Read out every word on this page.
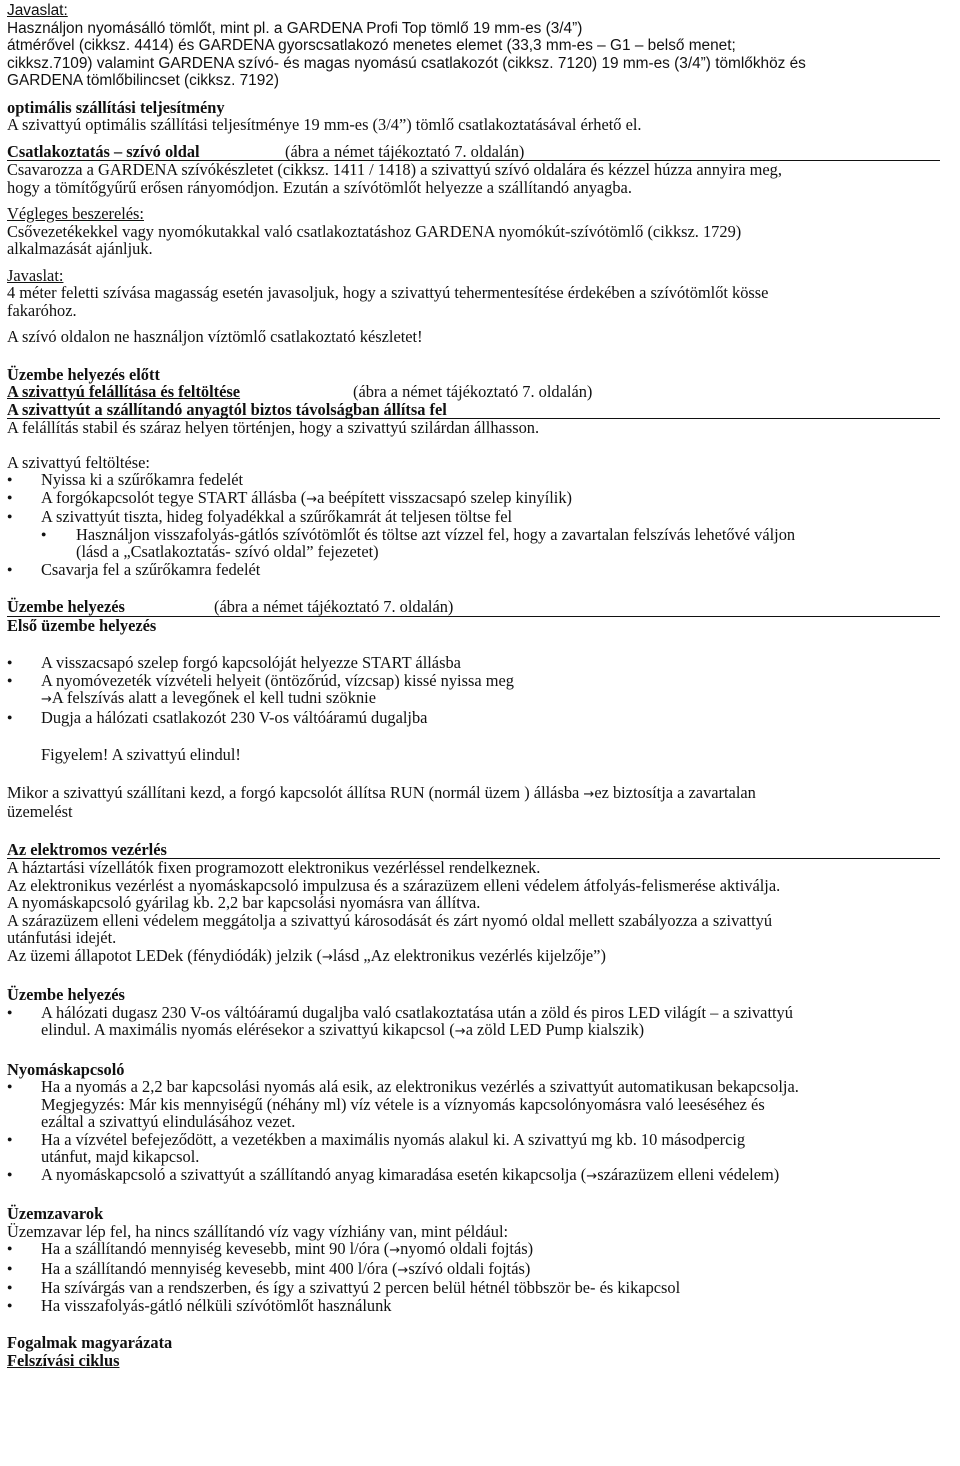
Javaslat:
Használjon nyomásálló tömlőt, mint pl. a GARDENA Profi Top tömlő 19 mm-es (3/4”)
átmérővel (cikksz. 4414) és GARDENA gyorscsatlakozó menetes elemet (33,3 mm-es – G1 – belső menet;
cikksz.7109) valamint GARDENA szívó- és magas nyomású csatlakozót (cikksz. 7120) 19 mm-es (3/4”) tömlőkhöz és
GARDENA tömlőbilincset (cikksz. 7192)
optimális szállítási teljesítmény
A szivattyú optimális szállítási teljesítménye 19 mm-es (3/4”) tömlő csatlakoztatásával érhető el.
Csatlakoztatás – szívó oldal	(ábra a német tájékoztató 7. oldalán)
Csavarozza a GARDENA szívókészletet (cikksz. 1411 / 1418) a szivattyú szívó oldalára és kézzel húzza annyira meg,
hogy a tömítőgyűrű erősen rányomódjon. Ezután a szívótömlőt helyezze a szállítandó anyagba.
Végleges beszerelés:
Csővezetékekkel vagy nyomókutakkal való csatlakoztatáshoz GARDENA nyomókút-szívótömlő (cikksz. 1729)
alkalmazását ajánljuk.
Javaslat:
4 méter feletti szívása magasság esetén javasoljuk, hogy a szivattyú tehermentesítése érdekében a szívótömlőt kösse
fakaróhoz.
A szívó oldalon ne használjon víztömlő csatlakoztató készletet!
Üzembe helyezés előtt
A szivattyú felállítása és feltöltése	(ábra a német tájékoztató 7. oldalán)
A szivattyút a szállítandó anyagtól biztos távolságban állítsa fel
A felállítás stabil és száraz helyen történjen, hogy a szivattyú szilárdan állhasson.
A szivattyú feltöltése:
● Nyissa ki a szűrőkamra fedelét
● A forgókapcsolót tegye START állásba (→a beépített visszacsapó szelep kinyílik)
● A szivattyút tiszta, hideg folyadékkal a szűrőkamrát át teljesen töltse fel
● Használjon visszafolyás-gátlós szívótömlőt és töltse azt vízzel fel, hogy a zavartalan felszívás lehetővé váljon
(lásd a „Csatlakoztatás- szívó oldal” fejezetet)
● Csavarja fel a szűrőkamra fedelét
Üzembe helyezés	(ábra a német tájékoztató 7. oldalán)
Első üzembe helyezés
● A visszacsapó szelep forgó kapcsolóját helyezze START állásba
● A nyomóvezeték vízvételi helyeit (öntözőrúd, vízcsap) kissé nyissa meg
→A felszívás alatt a levegőnek el kell tudni szöknie
● Dugja a hálózati csatlakozót 230 V-os váltóáramú dugaljba
Figyelem! A szivattyú elindul!
Mikor a szivattyú szállítani kezd, a forgó kapcsolót állítsa RUN (normál üzem ) állásba →ez biztosítja a zavartalan
üzemelést
Az elektromos vezérlés
A háztartási vízellátók fixen programozott elektronikus vezérléssel rendelkeznek.
Az elektronikus vezérlést a nyomáskapcsoló impulzusa és a szárazüzem elleni védelem átfolyás-felismerése aktiválja.
A nyomáskapcsoló gyárilag kb. 2,2 bar kapcsolási nyomásra van állítva.
A szárazüzem elleni védelem meggátolja a szivattyú károsodását és zárt nyomó oldal mellett szabályozza a szivattyú
utánfutási idejét.
Az üzemi állapotot LEDek (fénydiódák) jelzik (→lásd „Az elektronikus vezérlés kijelzője”)
Üzembe helyezés
● A hálózati dugasz 230 V-os váltóáramú dugaljba való csatlakoztatása után a zöld és piros LED világít – a szivattyú
elindul. A maximális nyomás elérésekor a szivattyú kikapcsol (→a zöld LED Pump kialszik)
Nyomáskapcsoló
● Ha a nyomás a 2,2 bar kapcsolási nyomás alá esik, az elektronikus vezérlés a szivattyút automatikusan bekapcsolja.
Megjegyzés: Már kis mennyiségű (néhány ml) víz vétele is a víznyomás kapcsolónyomásra való leeséséhez és
ezáltal a szivattyú elindulásához vezet.
● Ha a vízvétel befejeződött, a vezetékben a maximális nyomás alakul ki. A szivattyú mg kb. 10 másodpercig
utánfut, majd kikapcsol.
● A nyomáskapcsoló a szivattyút a szállítandó anyag kimaradása esetén kikapcsolja (→szárazüzem elleni védelem)
Üzemzavarok
Üzemzavar lép fel, ha nincs szállítandó víz vagy vízhiány van, mint például:
● Ha a szállítandó mennyiség kevesebb, mint 90 l/óra (→nyomó oldali fojtás)
● Ha a szállítandó mennyiség kevesebb, mint 400 l/óra (→szívó oldali fojtás)
● Ha szívárgás van a rendszerben, és így a szivattyú 2 percen belül hétnél többször be- és kikapcsol
● Ha visszafolyás-gátló nélküli szívótömlőt használunk
Fogalmak magyarázata
Felszívási ciklus
